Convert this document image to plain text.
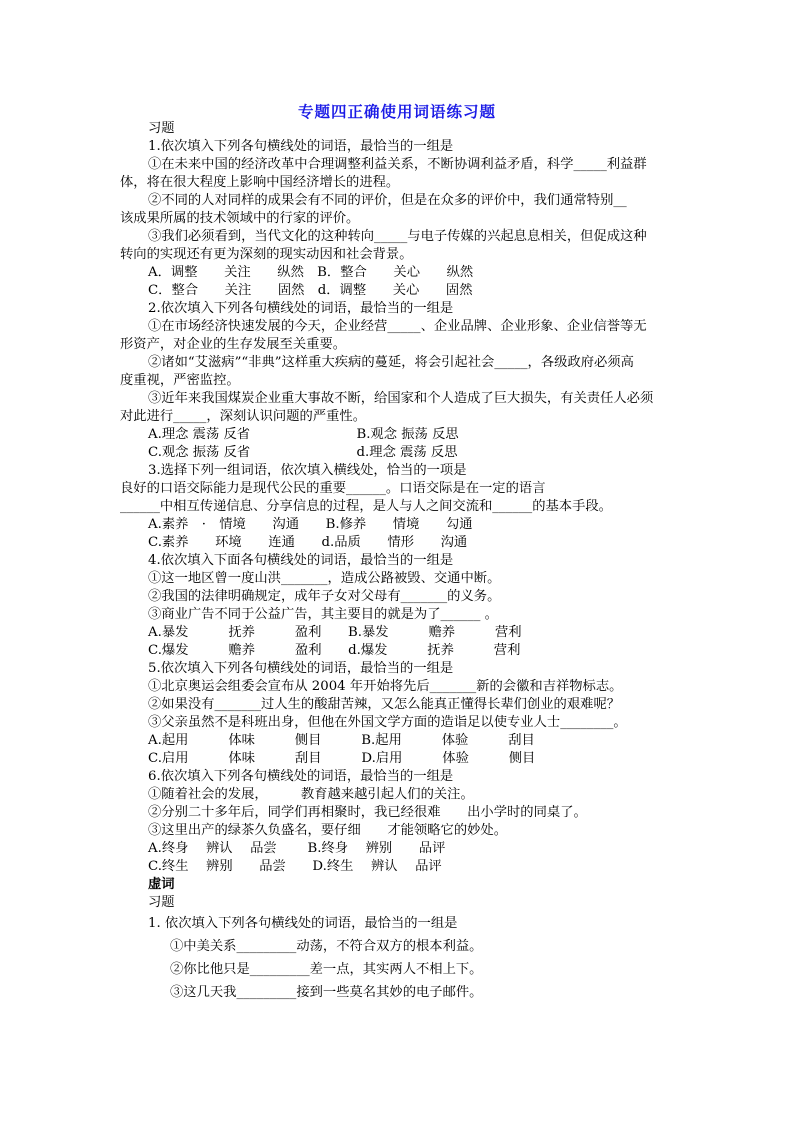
专题四正确使用词语练习题
习题
1.依次填入下列各句横线处的词语，最恰当的一组是
①在未来中国的经济改革中合理调整利益关系，不断协调利益矛盾，科学_____利益群
体，将在很大程度上影响中国经济增长的进程。
②不同的人对同样的成果会有不同的评价，但是在众多的评价中，我们通常特别__
该成果所属的技术领域中的行家的评价。
③我们必须看到，当代文化的这种转向_____与电子传媒的兴起息息相关，但促成这种
转向的实现还有更为深刻的现实动因和社会背景。
A．调整　　关注　　纵然　B．整合　　关心　　纵然
C．整合　　关注　　固然　d．调整　　关心　　固然
2.依次填入下列各句横线处的词语，最恰当的一组是
①在市场经济快速发展的今天，企业经营_____、企业品牌、企业形象、企业信誉等无
形资产，对企业的生存发展至关重要。
②诸如“艾滋病”“非典”这样重大疾病的蔓延，将会引起社会_____，各级政府必须高
度重视，严密监控。
③近年来我国煤炭企业重大事故不断，给国家和个人造成了巨大损失，有关责任人必须
对此进行_____，深刻认识问题的严重性。
A.理念 震荡 反省　　　　　　　　B.观念 振荡 反思
C.观念 振荡 反省　　　　　　　　d.理念 震荡 反思
3.选择下列一组词语，依次填入横线处，恰当的一项是
良好的口语交际能力是现代公民的重要______。口语交际是在一定的语言
______中相互传递信息、分享信息的过程，是人与人之间交流和______的基本手段。
A.素养　·　情境　　沟通　　B.修养　　情境　　勾通
C.素养　　环境　　连通　　d.品质　　情形　　沟通
4.依次填入下面各句横线处的词语，最恰当的一组是
①这一地区曾一度山洪_______，造成公路被毁、交通中断。
②我国的法律明确规定，成年子女对父母有_______的义务。
③商业广告不同于公益广告，其主要目的就是为了______ 。
A.暴发　　　抚养　　　盈利　　B.暴发　　　赡养　　　营利
C.爆发　　　赡养　　　盈利　　d.爆发　　　抚养　　　营利
5.依次填入下列各句横线处的词语，最恰当的一组是
①北京奥运会组委会宣布从 2004 年开始将先后_______新的会徽和吉祥物标志。
②如果没有_______过人生的酸甜苦辣，又怎么能真正懂得长辈们创业的艰难呢？
③父亲虽然不是科班出身，但他在外国文学方面的造诣足以使专业人士________。
A.起用　　　体味　　　侧目　　　B.起用　　　体验　　　刮目
C.启用　　　体味　　　刮目　　　D.启用　　　体验　　　侧目
6.依次填入下列各句横线处的词语，最恰当的一组是
①随着社会的发展，　　　教育越来越引起人们的关注。
②分别二十多年后，同学们再相聚时，我已经很难　　出小学时的同桌了。
③这里出产的绿茶久负盛名，要仔细　　才能领略它的妙处。
A.终身　 辨认　 品尝　　 B.终身　 辨别　　品评
C.终生　 辨别　　品尝　　D.终生　 辨认　 品评
虚词
习题
1. 依次填入下列各句横线处的词语，最恰当的一组是
①中美关系_________动荡，不符合双方的根本利益。
②你比他只是_________差一点，其实两人不相上下。
③这几天我_________接到一些莫名其妙的电子邮件。
